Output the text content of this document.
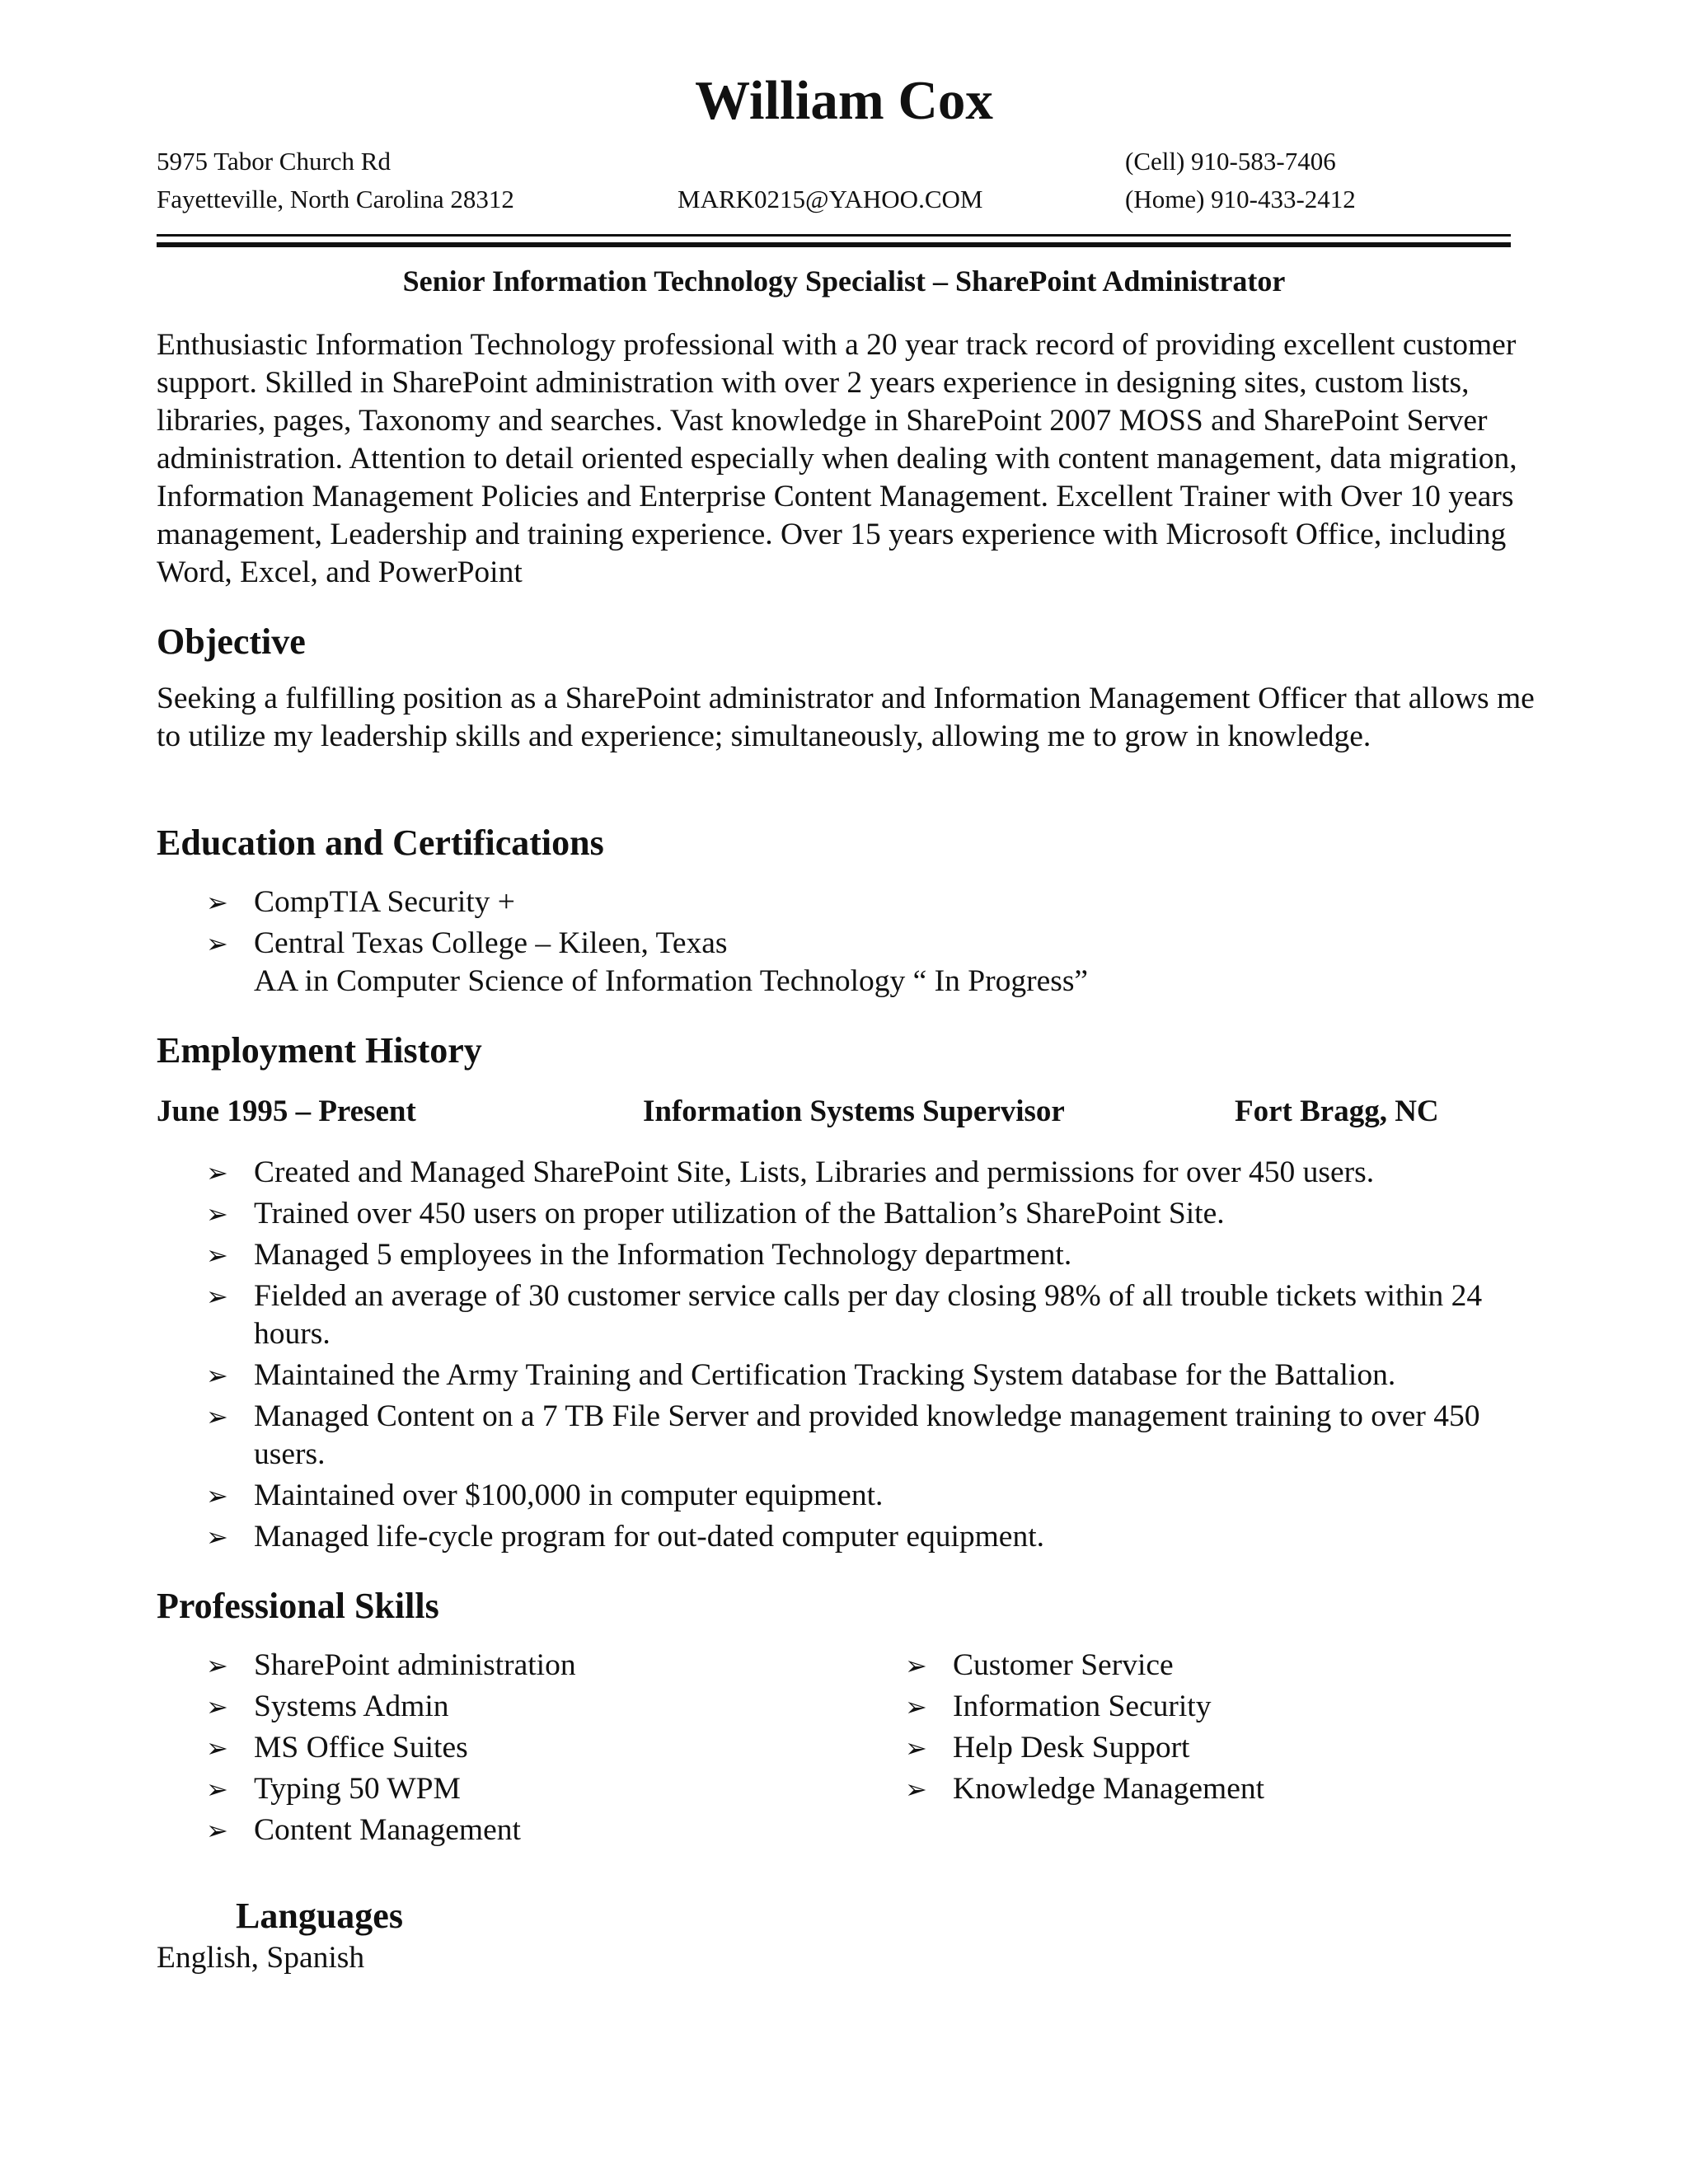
William Cox
5975 Tabor Church Rd	(Cell) 910-583-7406
Fayetteville, North Carolina 28312	MARK0215@YAHOO.COM	(Home) 910-433-2412
Senior Information Technology Specialist – SharePoint Administrator

Enthusiastic Information Technology professional with a 20 year track record of providing excellent customer support. Skilled in SharePoint administration with over 2 years experience in designing sites, custom lists, libraries, pages, Taxonomy and searches. Vast knowledge in SharePoint 2007 MOSS and SharePoint Server administration. Attention to detail oriented especially when dealing with content management, data migration, Information Management Policies and Enterprise Content Management. Excellent Trainer with Over 10 years management, Leadership and training experience. Over 15 years experience with Microsoft Office, including Word, Excel, and PowerPoint

Objective

Seeking a fulfilling position as a SharePoint administrator and Information Management Officer that allows me to utilize my leadership skills and experience; simultaneously, allowing me to grow in knowledge.

Education and Certifications
➢ CompTIA Security +
➢ Central Texas College – Kileen, Texas
AA in Computer Science of Information Technology “ In Progress”
Employment History
June 1995 – Present	Information Systems Supervisor	Fort Bragg, NC
➢ Created and Managed SharePoint Site, Lists, Libraries and permissions for over 450 users.
➢ Trained over 450 users on proper utilization of the Battalion’s SharePoint Site.
➢ Managed 5 employees in the Information Technology department.
➢ Fielded an average of 30 customer service calls per day closing 98% of all trouble tickets within 24 hours.
➢ Maintained the Army Training and Certification Tracking System database for the Battalion.
➢ Managed Content on a 7 TB File Server and provided knowledge management training to over 450 users.
➢ Maintained over $100,000 in computer equipment.
➢ Managed life-cycle program for out-dated computer equipment.
Professional Skills
➢ SharePoint administration
➢ Systems Admin
➢ MS Office Suites
➢ Typing 50 WPM
➢ Content Management
➢ Customer Service
➢ Information Security
➢ Help Desk Support
➢ Knowledge Management
Languages
English, Spanish
